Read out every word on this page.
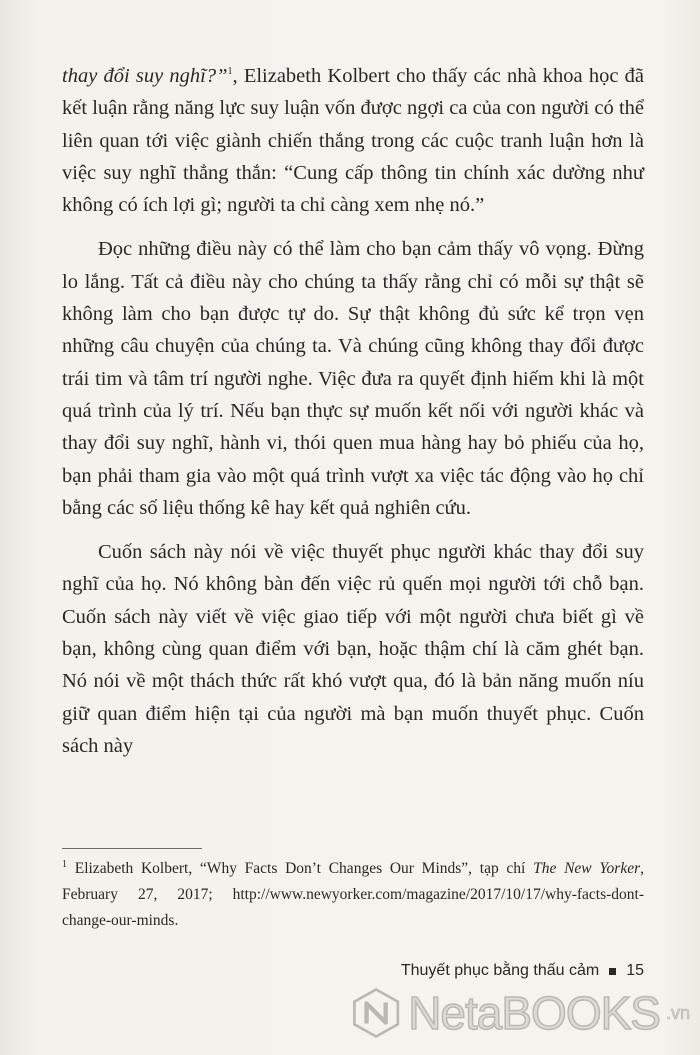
thay đổi suy nghĩ?”$^1$, Elizabeth Kolbert cho thấy các nhà khoa học đã kết luận rằng năng lực suy luận vốn được ngợi ca của con người có thể liên quan tới việc giành chiến thắng trong các cuộc tranh luận hơn là việc suy nghĩ thẳng thắn: “Cung cấp thông tin chính xác dường như không có ích lợi gì; người ta chỉ càng xem nhẹ nó.”

Đọc những điều này có thể làm cho bạn cảm thấy vô vọng. Đừng lo lắng. Tất cả điều này cho chúng ta thấy rằng chỉ có mỗi sự thật sẽ không làm cho bạn được tự do. Sự thật không đủ sức kể trọn vẹn những câu chuyện của chúng ta. Và chúng cũng không thay đổi được trái tim và tâm trí người nghe. Việc đưa ra quyết định hiếm khi là một quá trình của lý trí. Nếu bạn thực sự muốn kết nối với người khác và thay đổi suy nghĩ, hành vi, thói quen mua hàng hay bỏ phiếu của họ, bạn phải tham gia vào một quá trình vượt xa việc tác động vào họ chỉ bằng các số liệu thống kê hay kết quả nghiên cứu.

Cuốn sách này nói về việc thuyết phục người khác thay đổi suy nghĩ của họ. Nó không bàn đến việc rủ quến mọi người tới chỗ bạn. Cuốn sách này viết về việc giao tiếp với một người chưa biết gì về bạn, không cùng quan điểm với bạn, hoặc thậm chí là căm ghét bạn. Nó nói về một thách thức rất khó vượt qua, đó là bản năng muốn níu giữ quan điểm hiện tại của người mà bạn muốn thuyết phục. Cuốn sách này

$^1$ Elizabeth Kolbert, “Why Facts Don’t Changes Our Minds”, tạp chí The New Yorker, February 27, 2017; http://www.newyorker.com/magazine/2017/10/17/why-facts-dont-change-our-minds.
Thuyết phục bằng thấu cảm 15
NetaBOOKS .vn
